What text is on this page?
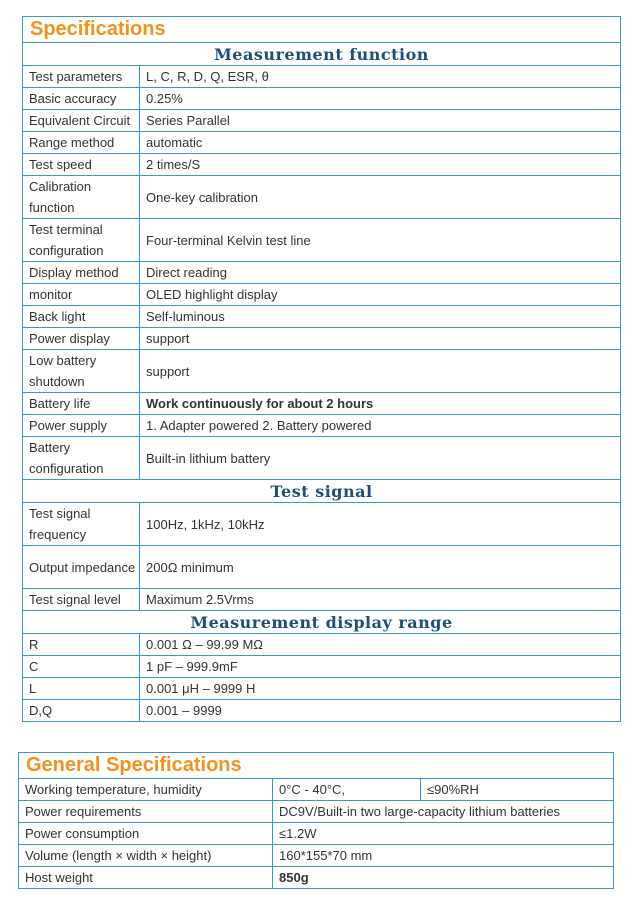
Specifications	
Measurement function	
Test parameters	L, C, R, D, Q, ESR, θ
Basic accuracy	0.25%
Equivalent Circuit	Series Parallel
Range method	automatic
Test speed	2 times/S
Calibration function	One-key calibration
Test terminal configuration	Four-terminal Kelvin test line
Display method	Direct reading
monitor	OLED highlight display
Back light	Self-luminous
Power display	support
Low battery shutdown	support
Battery life	Work continuously for about 2 hours
Power supply	1. Adapter powered 2. Battery powered
Battery configuration	Built-in lithium battery
Test signal	
Test signal frequency	100Hz, 1kHz, 10kHz
Output impedance	200Ω minimum
Test signal level	Maximum 2.5Vrms
Measurement display range	
R	0.001 Ω – 99.99 MΩ
C	1 pF – 999.9mF
L	0.001 μH – 9999 H
D,Q	0.001 – 9999
General Specifications		
Working temperature, humidity	0°C - 40°C,	≤90%RH
Power requirements	DC9V/Built-in two large-capacity lithium batteries	
Power consumption	≤1.2W	
Volume (length × width × height)	160*155*70 mm	
Host weight	850g	
